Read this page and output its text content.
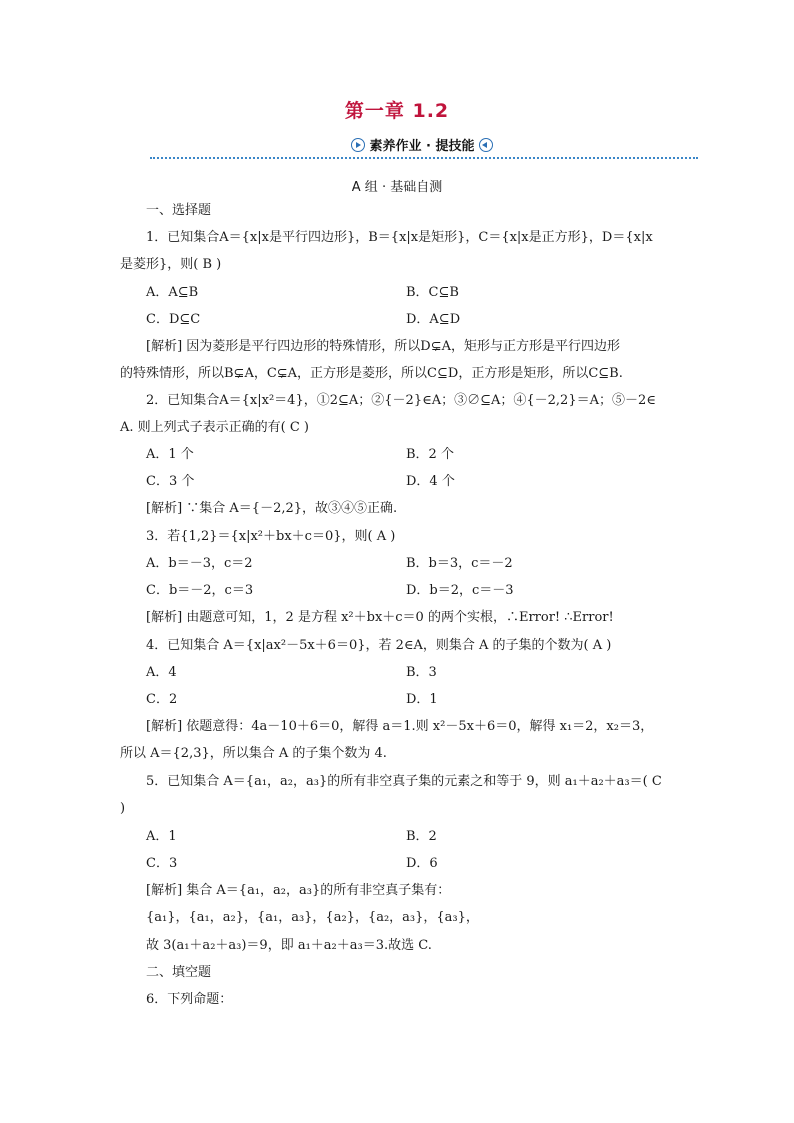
第一章 1.2
素养作业 · 提技能
A 组 · 基础自测
一、选择题
1．已知集合A＝{x|x是平行四边形}，B＝{x|x是矩形}，C＝{x|x是正方形}，D＝{x|x
是菱形}，则( B )
A．A⊆B	B．C⊆B
C．D⊆C	D．A⊆D
[解析] 因为菱形是平行四边形的特殊情形，所以D⊊A，矩形与正方形是平行四边形
的特殊情形，所以B⊊A，C⊊A，正方形是菱形，所以C⊆D，正方形是矩形，所以C⊆B.
2．已知集合A＝{x|x²＝4}，①2⊆A；②{－2}∈A；③∅⊆A；④{－2,2}＝A；⑤－2∈
A. 则上列式子表示正确的有( C )
A．1 个	B．2 个
C．3 个	D．4 个
[解析] ∵集合 A＝{－2,2}，故③④⑤正确.
3．若{1,2}＝{x|x²＋bx＋c＝0}，则( A )
A．b＝－3，c＝2	B．b＝3，c＝－2
C．b＝－2，c＝3	D．b＝2，c＝－3
[解析] 由题意可知，1，2 是方程 x²＋bx＋c＝0 的两个实根，∴Error! ∴Error!
4．已知集合 A＝{x|ax²－5x＋6＝0}，若 2∈A，则集合 A 的子集的个数为( A )
A．4	B．3
C．2	D．1
[解析] 依题意得：4a－10＋6＝0，解得 a＝1.则 x²－5x＋6＝0，解得 x₁＝2，x₂＝3，
所以 A＝{2,3}，所以集合 A 的子集个数为 4.
5．已知集合 A＝{a₁，a₂，a₃}的所有非空真子集的元素之和等于 9，则 a₁＋a₂＋a₃＝( C
)
A．1	B．2
C．3	D．6
[解析] 集合 A＝{a₁，a₂，a₃}的所有非空真子集有：
{a₁}，{a₁，a₂}，{a₁，a₃}，{a₂}，{a₂，a₃}，{a₃}，
故 3(a₁＋a₂＋a₃)＝9，即 a₁＋a₂＋a₃＝3.故选 C.
二、填空题
6．下列命题：
